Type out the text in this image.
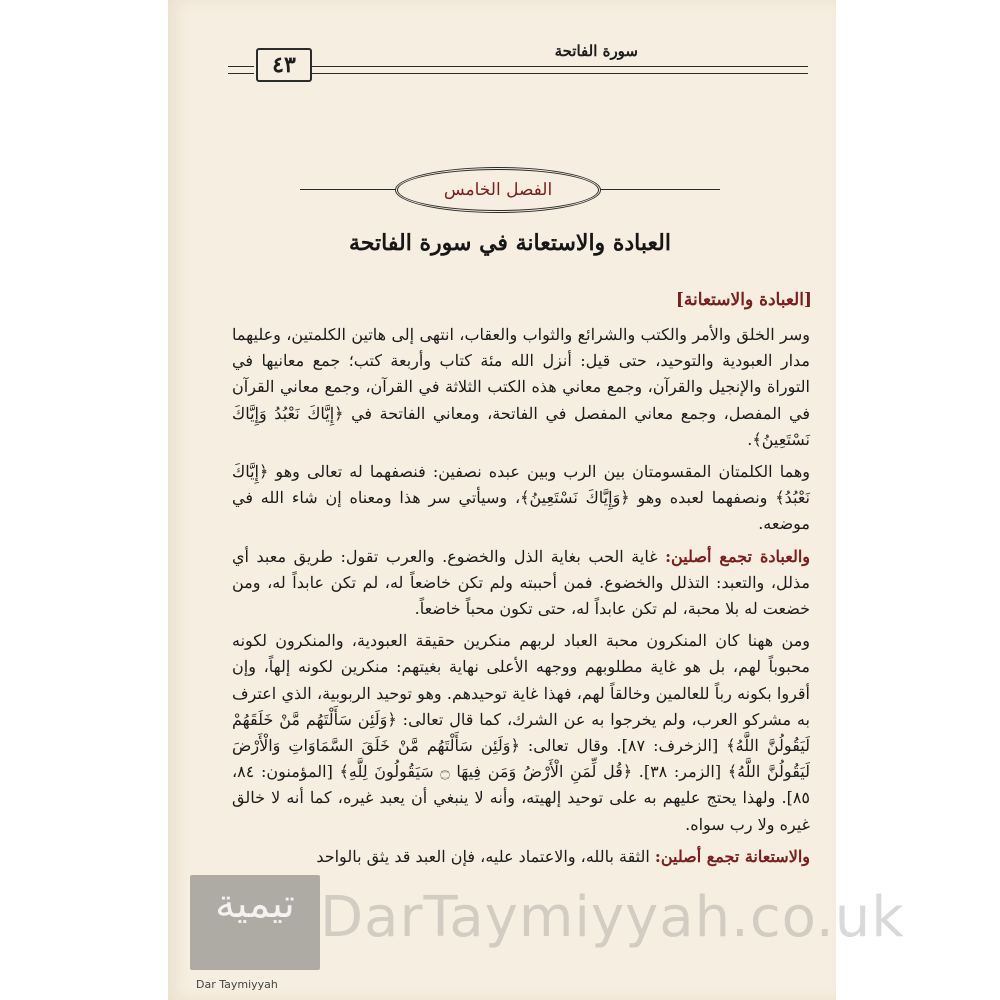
سورة الفاتحة
٤٣
الفصل الخامس
العبادة والاستعانة في سورة الفاتحة
[العبادة والاستعانة]

وسر الخلق والأمر والكتب والشرائع والثواب والعقاب، انتهى إلى هاتين الكلمتين، وعليهما مدار العبودية والتوحيد، حتى قيل: أنزل الله مئة كتاب وأربعة كتب؛ جمع معانيها في التوراة والإنجيل والقرآن، وجمع معاني هذه الكتب الثلاثة في القرآن، وجمع معاني القرآن في المفصل، وجمع معاني المفصل في الفاتحة، ومعاني الفاتحة في ﴿إِيَّاكَ نَعْبُدُ وَإِيَّاكَ نَسْتَعِينُ﴾.

وهما الكلمتان المقسومتان بين الرب وبين عبده نصفين: فنصفهما له تعالى وهو ﴿إِيَّاكَ نَعْبُدُ﴾ ونصفهما لعبده وهو ﴿وَإِيَّاكَ نَسْتَعِينُ﴾، وسيأتي سر هذا ومعناه إن شاء الله في موضعه.

والعبادة تجمع أصلين: غاية الحب بغاية الذل والخضوع. والعرب تقول: طريق معبد أي مذلل، والتعبد: التذلل والخضوع. فمن أحببته ولم تكن خاضعاً له، لم تكن عابداً له، ومن خضعت له بلا محبة، لم تكن عابداً له، حتى تكون محباً خاضعاً.

ومن ههنا كان المنكرون محبة العباد لربهم منكرين حقيقة العبودية، والمنكرون لكونه محبوباً لهم، بل هو غاية مطلوبهم ووجهه الأعلى نهاية بغيتهم: منكرين لكونه إلهاً، وإن أقروا بكونه رباً للعالمين وخالقاً لهم، فهذا غاية توحيدهم. وهو توحيد الربوبية، الذي اعترف به مشركو العرب، ولم يخرجوا به عن الشرك، كما قال تعالى: ﴿وَلَئِن سَأَلْتَهُم مَّنْ خَلَقَهُمْ لَيَقُولُنَّ اللَّهُ﴾ [الزخرف: ٨٧]. وقال تعالى: ﴿وَلَئِن سَأَلْتَهُم مَّنْ خَلَقَ السَّمَاوَاتِ وَالْأَرْضَ لَيَقُولُنَّ اللَّهُ﴾ [الزمر: ٣٨]. ﴿قُل لِّمَنِ الْأَرْضُ وَمَن فِيهَا ۝ سَيَقُولُونَ لِلَّهِ﴾ [المؤمنون: ٨٤، ٨٥]. ولهذا يحتج عليهم به على توحيد إلهيته، وأنه لا ينبغي أن يعبد غيره، كما أنه لا خالق غيره ولا رب سواه.

والاستعانة تجمع أصلين: الثقة بالله، والاعتماد عليه، فإن العبد قد يثق بالواحد

تيمية
Dar Taymiyyah
DarTaymiyyah.co.uk
